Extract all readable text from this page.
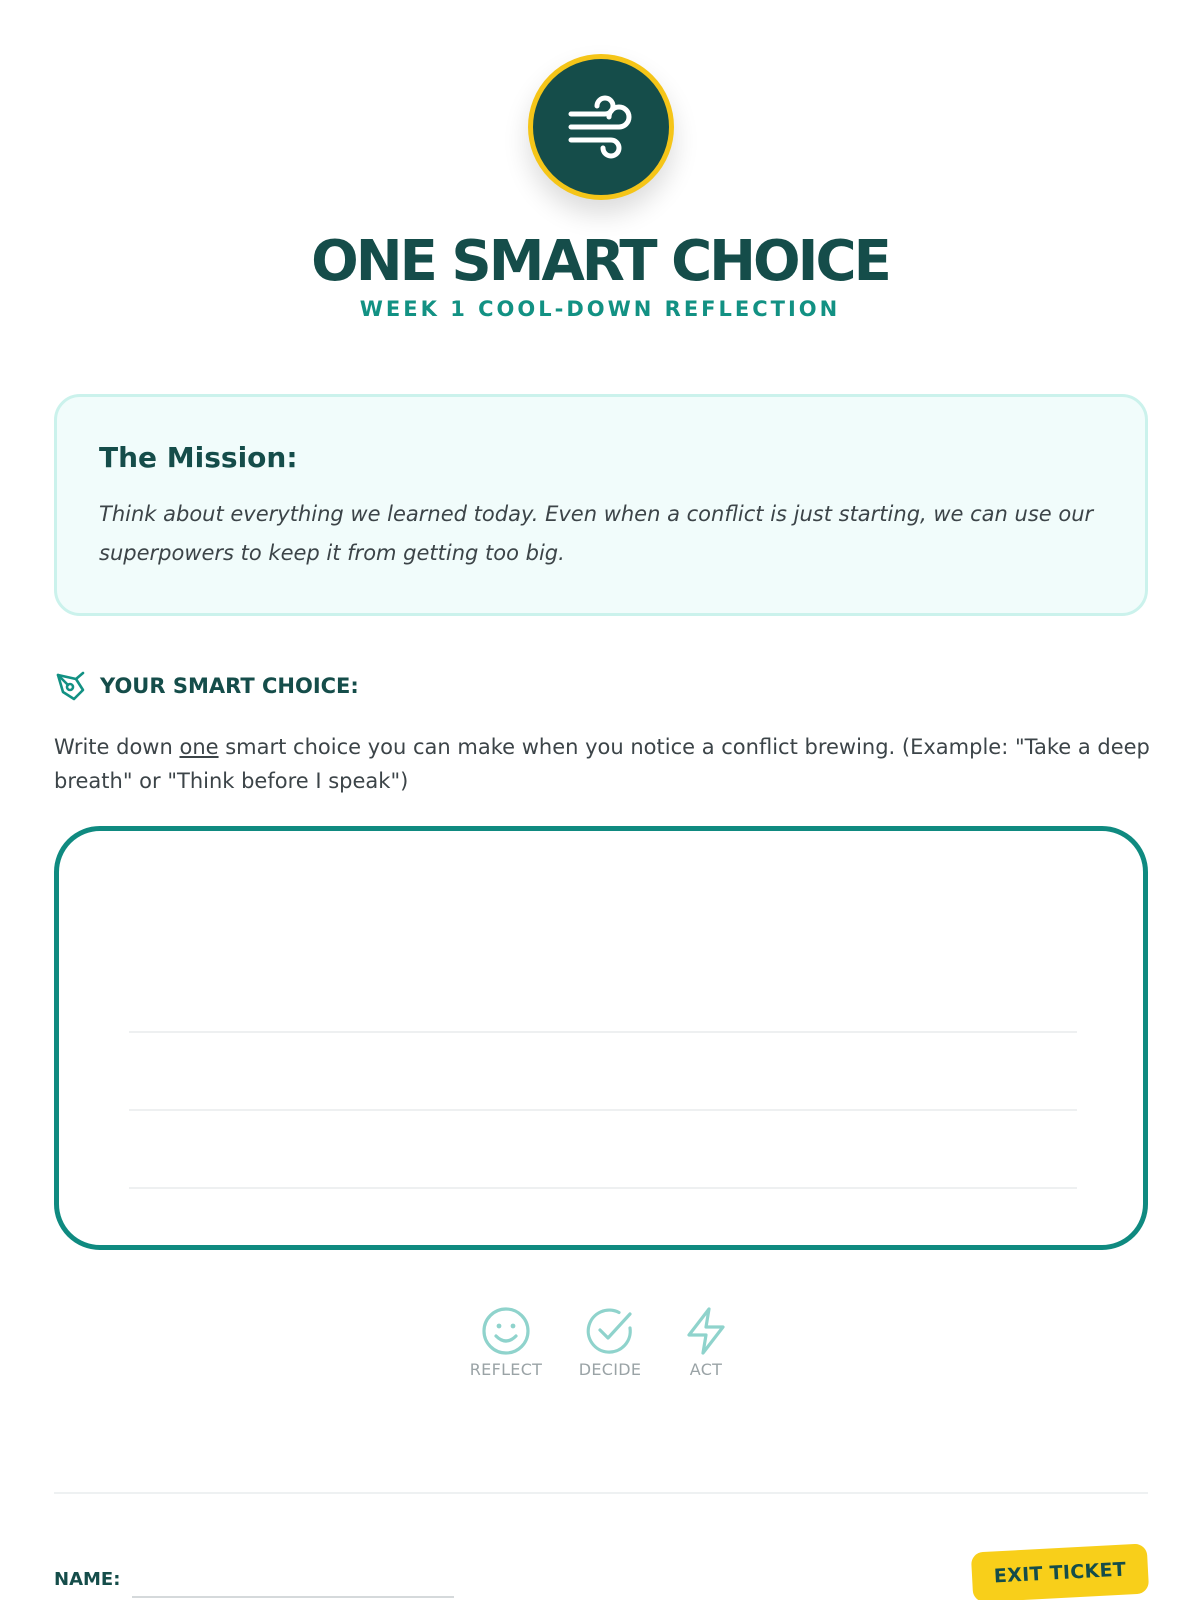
ONE SMART CHOICE
WEEK 1 COOL-DOWN REFLECTION
The Mission:

Think about everything we learned today. Even when a conflict is just starting, we can use our superpowers to keep it from getting too big.

YOUR SMART CHOICE:

Write down one smart choice you can make when you notice a conflict brewing. (Example: "Take a deep breath" or "Think before I speak")

REFLECT	DECIDE	ACT
NAME:	EXIT TICKET
